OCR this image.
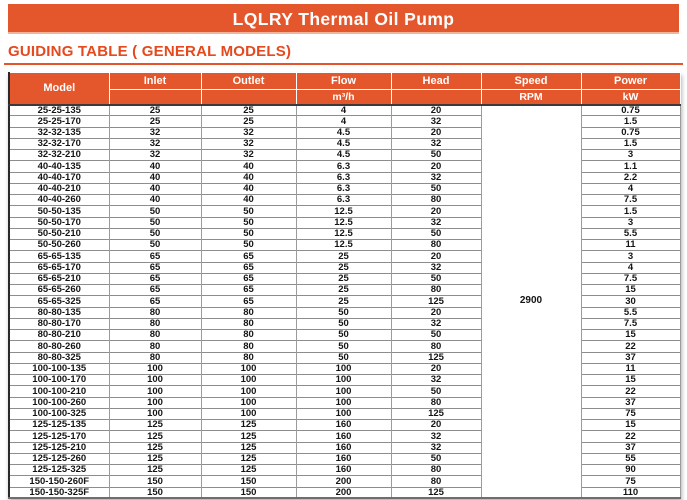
LQLRY Thermal Oil Pump
GUIDING TABLE ( GENERAL MODELS)
Model	Inlet	Outlet	Flow	Head	Speed	Power
			m³/h		RPM	kW
25-25-135	25	25	4	20	2900	0.75
25-25-170	25	25	4	32		1.5
32-32-135	32	32	4.5	20		0.75
32-32-170	32	32	4.5	32		1.5
32-32-210	32	32	4.5	50		3
40-40-135	40	40	6.3	20		1.1
40-40-170	40	40	6.3	32		2.2
40-40-210	40	40	6.3	50		4
40-40-260	40	40	6.3	80		7.5
50-50-135	50	50	12.5	20		1.5
50-50-170	50	50	12.5	32		3
50-50-210	50	50	12.5	50		5.5
50-50-260	50	50	12.5	80		11
65-65-135	65	65	25	20		3
65-65-170	65	65	25	32		4
65-65-210	65	65	25	50		7.5
65-65-260	65	65	25	80		15
65-65-325	65	65	25	125		30
80-80-135	80	80	50	20		5.5
80-80-170	80	80	50	32		7.5
80-80-210	80	80	50	50		15
80-80-260	80	80	50	80		22
80-80-325	80	80	50	125		37
100-100-135	100	100	100	20		11
100-100-170	100	100	100	32		15
100-100-210	100	100	100	50		22
100-100-260	100	100	100	80		37
100-100-325	100	100	100	125		75
125-125-135	125	125	160	20		15
125-125-170	125	125	160	32		22
125-125-210	125	125	160	32		37
125-125-260	125	125	160	50		55
125-125-325	125	125	160	80		90
150-150-260F	150	150	200	80		75
150-150-325F	150	150	200	125		110
